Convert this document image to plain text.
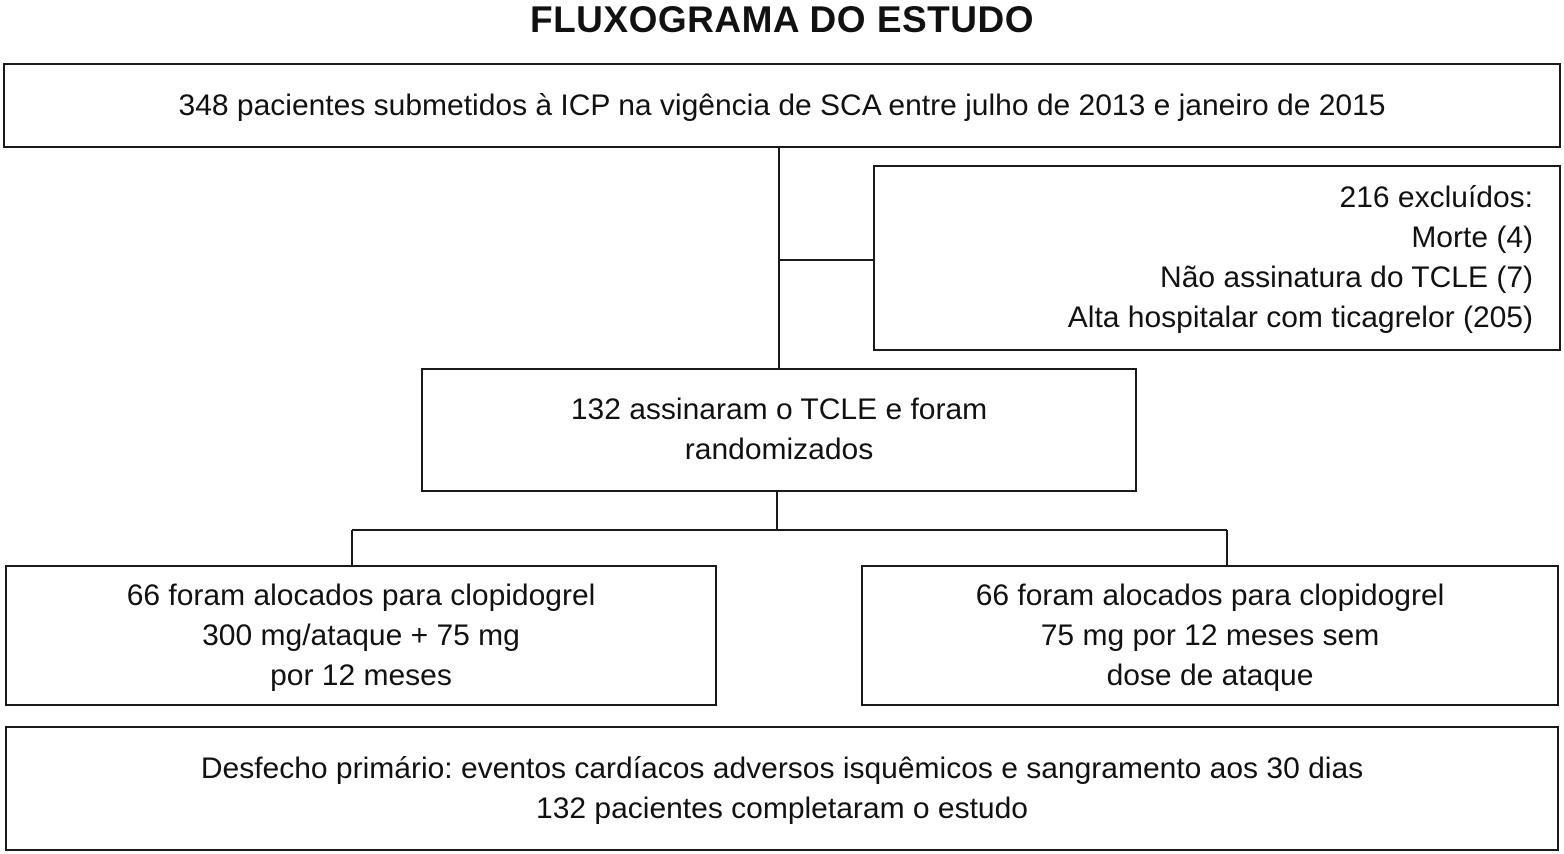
FLUXOGRAMA DO ESTUDO
348 pacientes submetidos à ICP na vigência de SCA entre julho de 2013 e janeiro de 2015
216 excluídos:
Morte (4)
Não assinatura do TCLE (7)
Alta hospitalar com ticagrelor (205)
132 assinaram o TCLE e foram
randomizados
66 foram alocados para clopidogrel
300 mg/ataque + 75 mg
por 12 meses
66 foram alocados para clopidogrel
75 mg por 12 meses sem
dose de ataque
Desfecho primário: eventos cardíacos adversos isquêmicos e sangramento aos 30 dias
132 pacientes completaram o estudo
